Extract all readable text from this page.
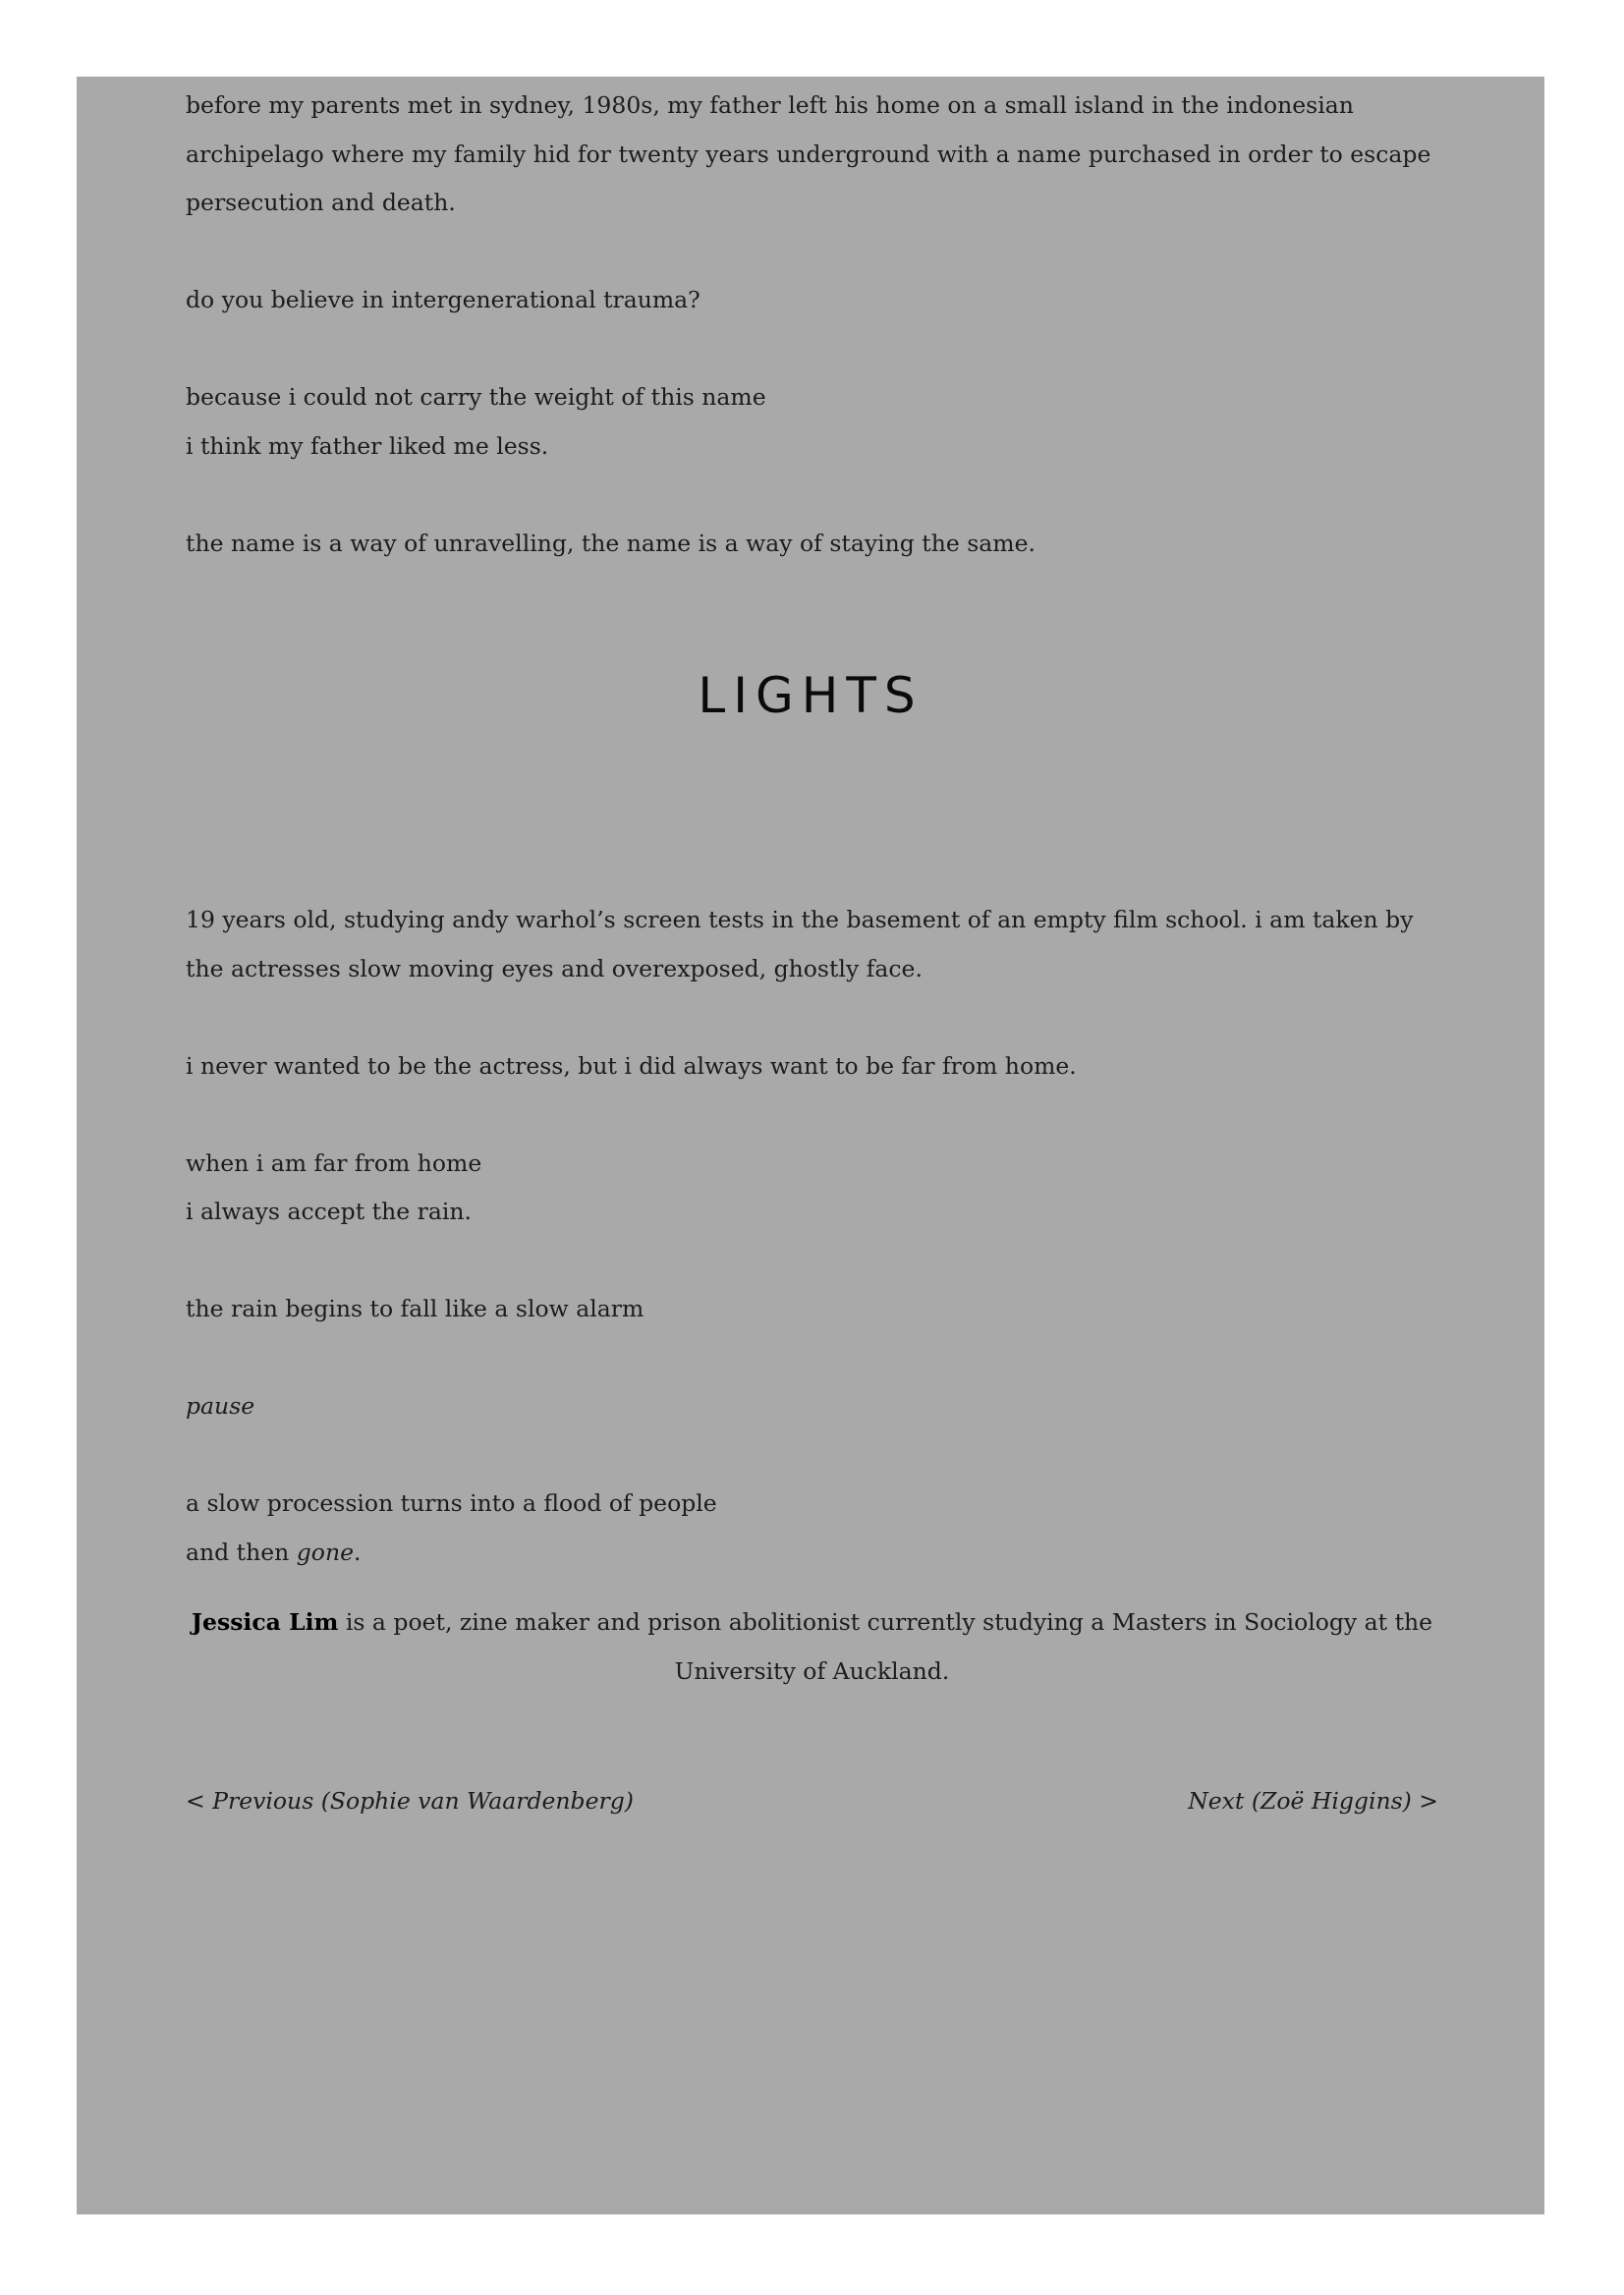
before my parents met in sydney, 1980s, my father left his home on a small island in the indonesian archipelago where my family hid for twenty years underground with a name purchased in order to escape persecution and death.

do you believe in intergenerational trauma?

because i could not carry the weight of this name

i think my father liked me less.

the name is a way of unravelling, the name is a way of staying the same.

LIGHTS

19 years old, studying andy warhol’s screen tests in the basement of an empty film school. i am taken by the actresses slow moving eyes and overexposed, ghostly face.

i never wanted to be the actress, but i did always want to be far from home.

when i am far from home

i always accept the rain.

the rain begins to fall like a slow alarm

pause

a slow procession turns into a flood of people

and then gone.

Jessica Lim is a poet, zine maker and prison abolitionist currently studying a Masters in Sociology at the
University of Auckland.
< Previous (Sophie van Waardenberg)	Next (Zoë Higgins) >
